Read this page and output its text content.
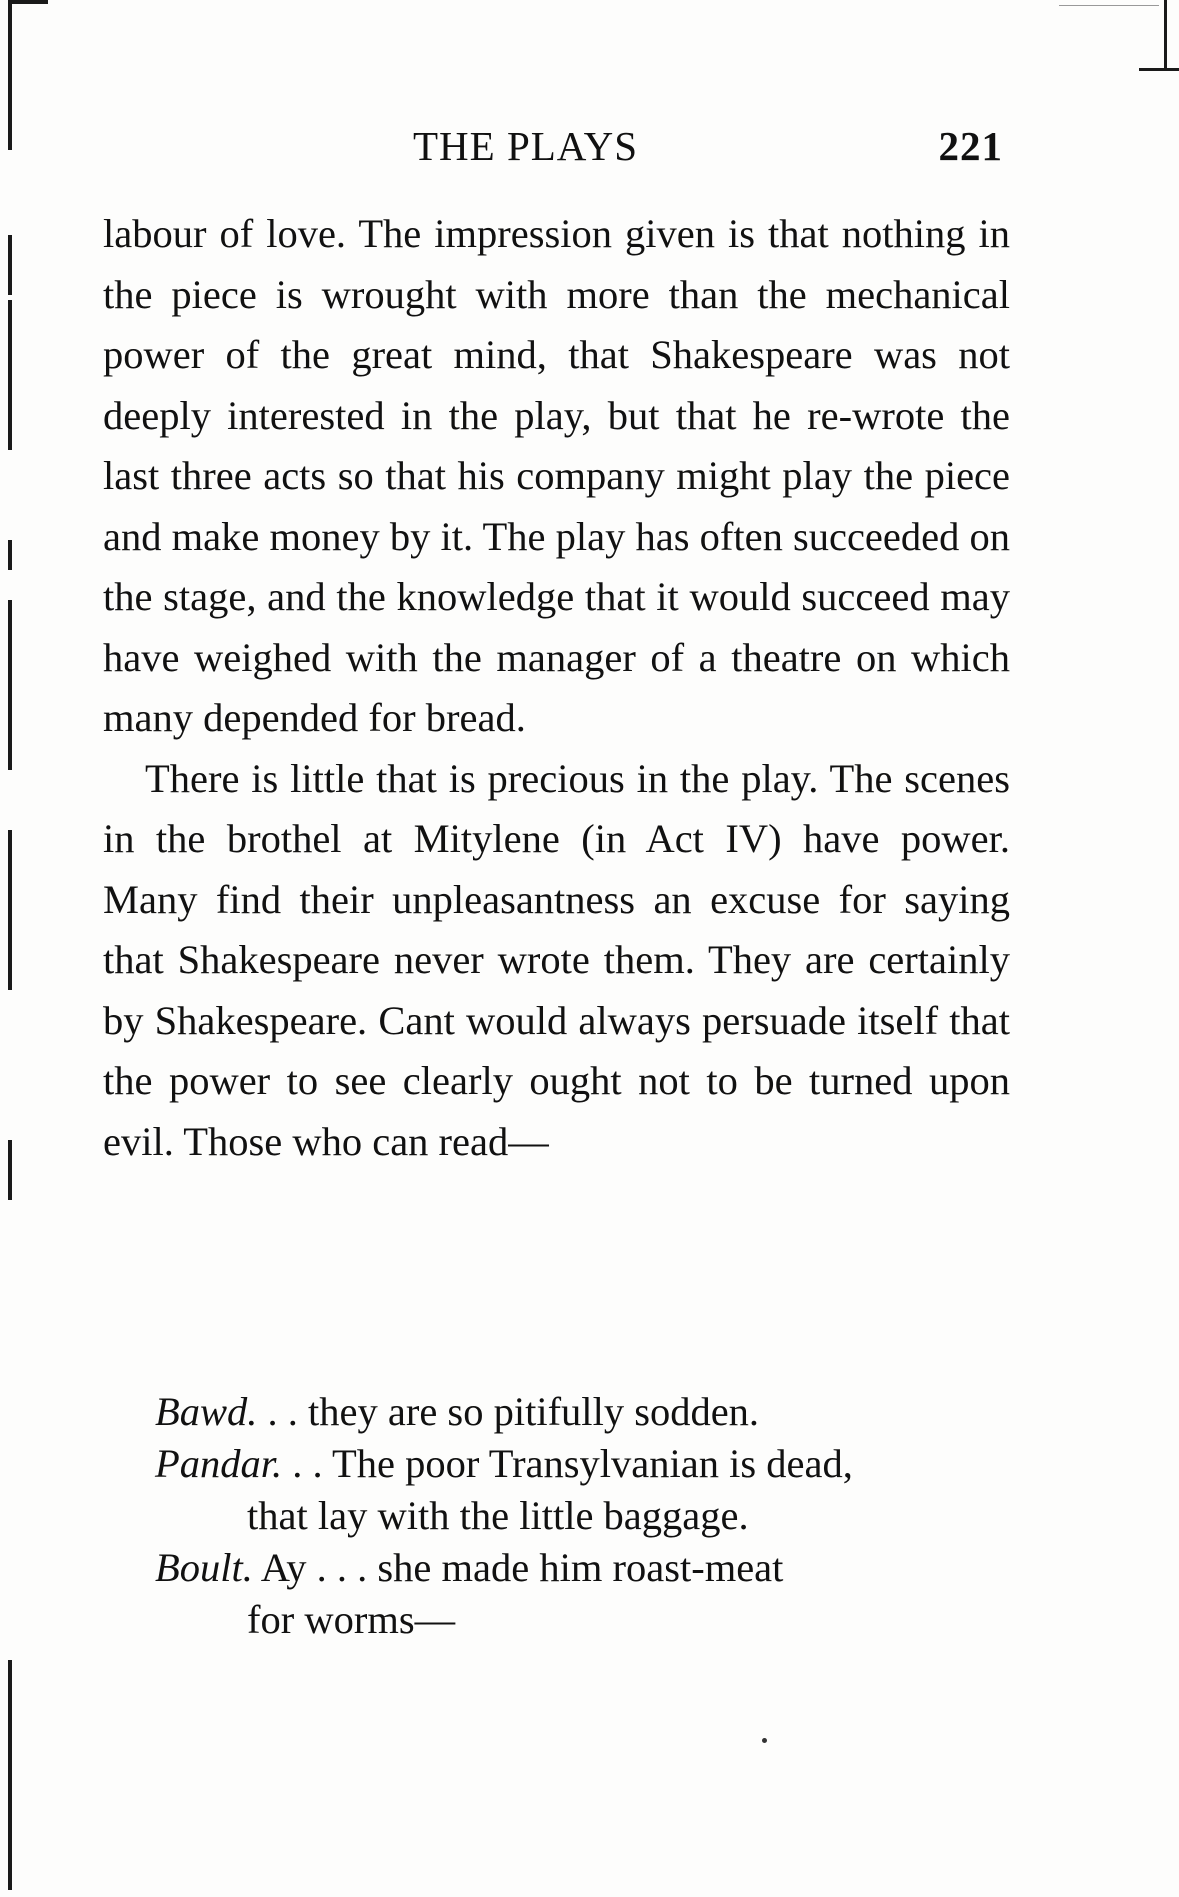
THE PLAYS	221

labour of love. The impression given is that nothing in the piece is wrought with more than the mechanical power of the great mind, that Shakespeare was not deeply interested in the play, but that he re-wrote the last three acts so that his company might play the piece and make money by it. The play has often succeeded on the stage, and the knowledge that it would succeed may have weighed with the manager of a theatre on which many depended for bread.

There is little that is precious in the play. The scenes in the brothel at Mitylene (in Act IV) have power. Many find their unpleasantness an excuse for saying that Shakespeare never wrote them. They are certainly by Shakespeare. Cant would always persuade itself that the power to see clearly ought not to be turned upon evil. Those who can read—

Bawd. . . they are so pitifully sodden.
Pandar. . . The poor Transylvanian is dead,
that lay with the little baggage.
Boult. Ay . . . she made him roast-meat
for worms—
